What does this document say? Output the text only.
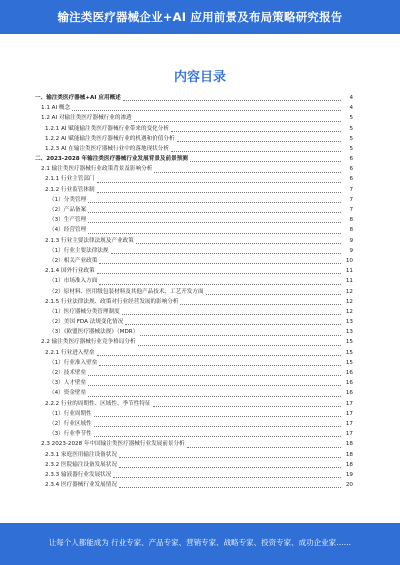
输注类医疗器械企业+AI 应用前景及布局策略研究报告
内容目录
一、输注类医疗器械+AI 应用概述	4
1.1 AI 概念	4
1.2 AI 对输注类医疗器械行业的渗透	5
1.2.1 AI 赋能输注类医疗器械行业带来的变化分析	5
1.2.2 AI 赋能输注类医疗器械行业的机遇和价值分析	5
1.2.3 AI 在输注类医疗器械行业中的落地现状分析	5
二、2023-2028 年输注类医疗器械行业发展背景及前景预测	6
2.1 输注类医疗器械行业政策背景及影响分析	6
2.1.1 行业主管部门	6
2.1.2 行业监管体制	7
（1）分类管理	7
（2）产品备案	7
（3）生产管理	8
（4）经营管理	8
2.1.3 行业主要法律法规及产业政策	9
（1）行业主要法律法规	9
（2）相关产业政策	10
2.1.4 国外行业政策	11
（1）市场准入方面	11
（2）原材料、医用级包装材料及其他产品技术、工艺开发方面	12
2.1.5 行业法律法规、政策对行业经营发展的影响分析	12
（1）医疗器械分类管理制度	12
（2）美国 FDA 法规变化情况	13
（3）《欧盟医疗器械法规》（MDR）	13
2.2 输注类医疗器械行业竞争格局分析	15
2.2.1 行业进入壁垒	15
（1）行业准入壁垒	15
（2）技术壁垒	16
（3）人才壁垒	16
（4）资金壁垒	16
2.2.2 行业的周期性、区域性、季节性特征	17
（1）行业周期性	17
（2）行业区域性	17
（3）行业季节性	17
2.3 2023-2028 年中国输注类医疗器械行业发展前景分析	18
2.3.1 家庭医用输注设备状况	18
2.3.2 医院输注设备发展状况	18
2.3.3 输液器行业发展状况	19
2.3.4 医疗器械行业发展情况	20
让每个人都能成为 行业专家、产品专家、营销专家、战略专家、投资专家、成功企业家……
